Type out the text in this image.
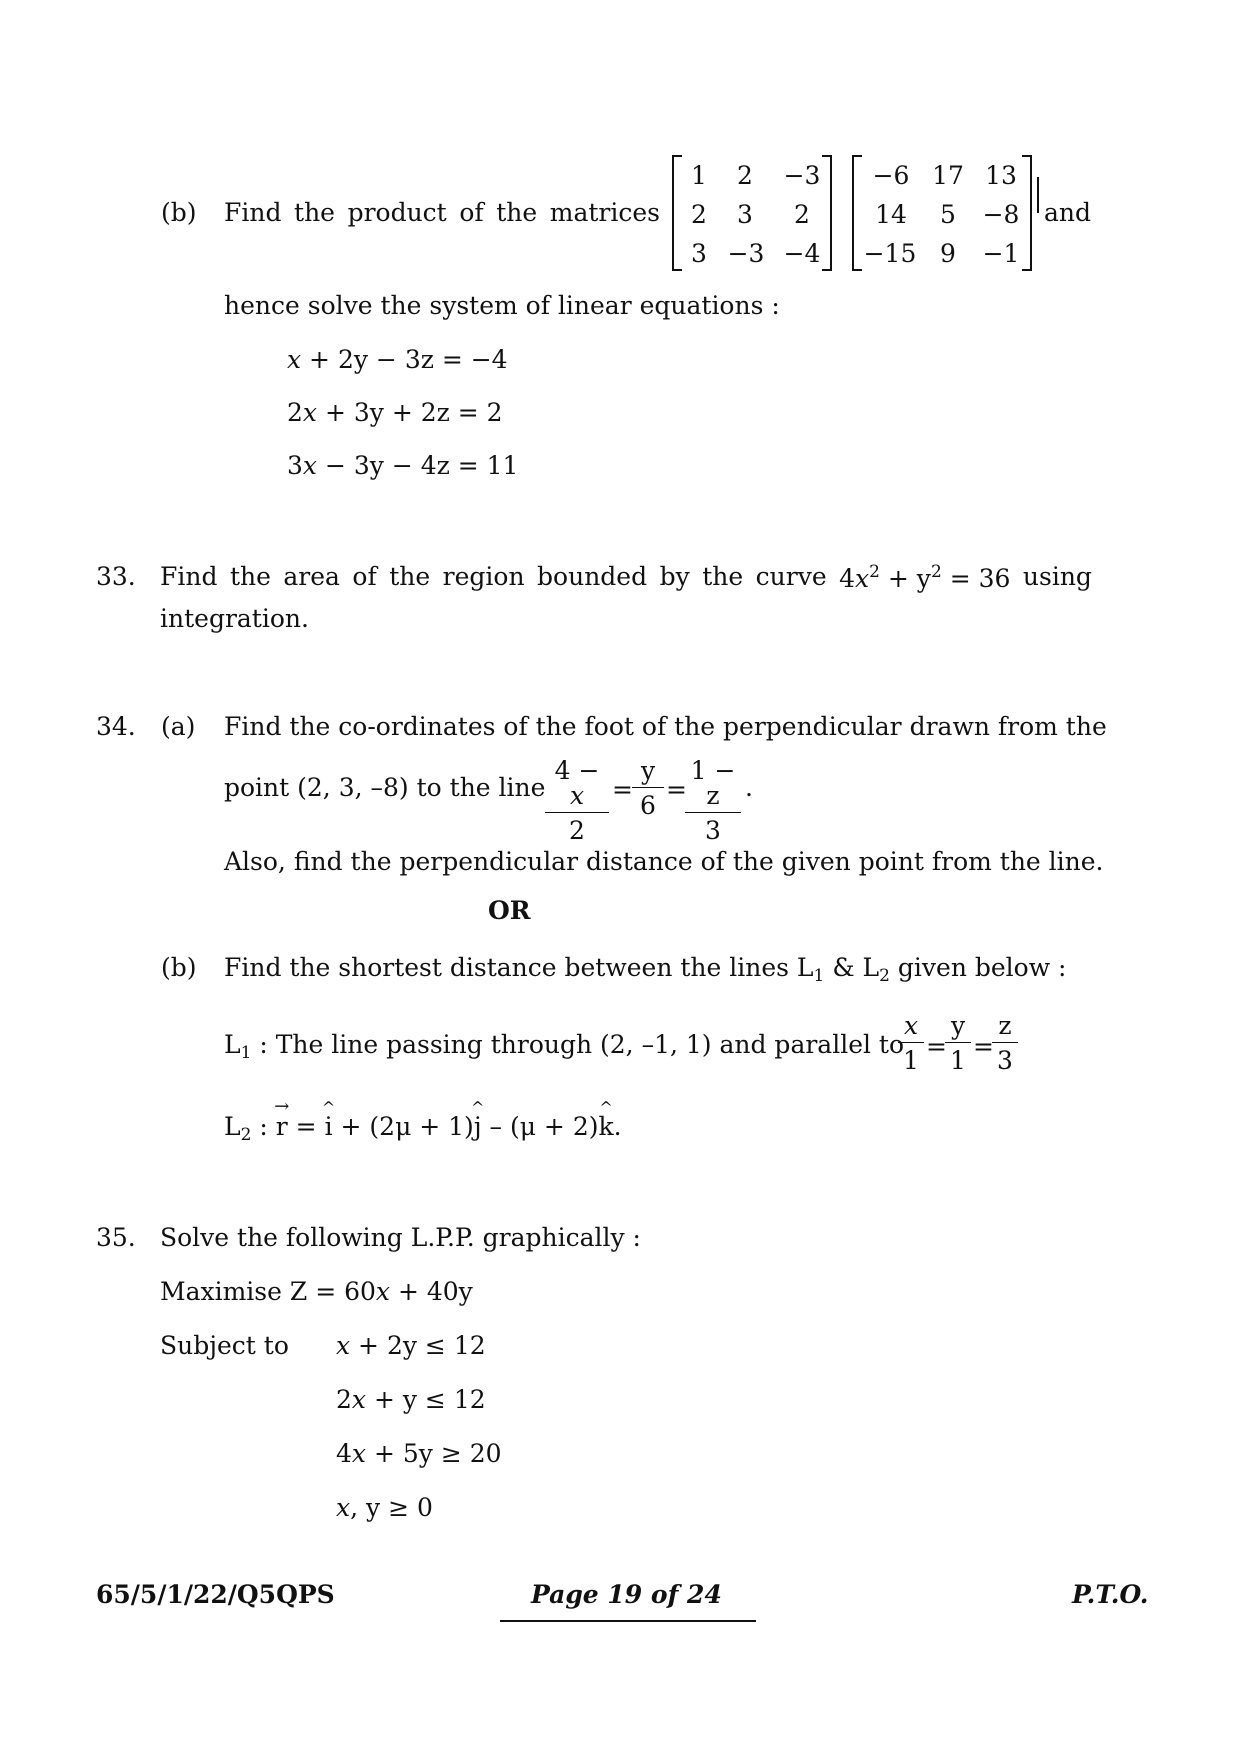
(b) Find the product of the matrices
1 2 −3
2 3	2
3 −3 −4
−6 17 13
14	5	−8
−15 9	−1
and
hence solve the system of linear equations :
x + 2y − 3z = −4
2x + 3y + 2z = 2
3x − 3y − 4z = 11
33. Find the area of the region bounded by the curve $4x^2 + y^2 = 36$ using
integration.
34. (a) Find the co-ordinates of the foot of the perpendicular drawn from the
point (2, 3, –8) to the line $\frac{4 - x}{2} = \frac{y}{6}$ =
$\frac{1 - z}{3}$ .
Also, find the perpendicular distance of the given point from the line.
OR
(b) Find the shortest distance between the lines $L_1$ & $L_2$ given below :
$L_1$ : The line passing through (2, –1, 1) and parallel to
$\frac{x}{1}$ =
$\frac{y}{1}$ =
$\frac{z}{3}$
$L_2$ : → r = ^ i + (2μ + 1)^ j – (μ + 2)^ k.
35. Solve the following L.P.P. graphically :
Maximise Z = 60x + 40y
Subject to x + 2y ≤ 12
2x + y ≤ 12
4x + 5y ≥ 20
x, y ≥ 0
65/5/1/22/Q5QPS	Page 19 of 24	P.T.O.
